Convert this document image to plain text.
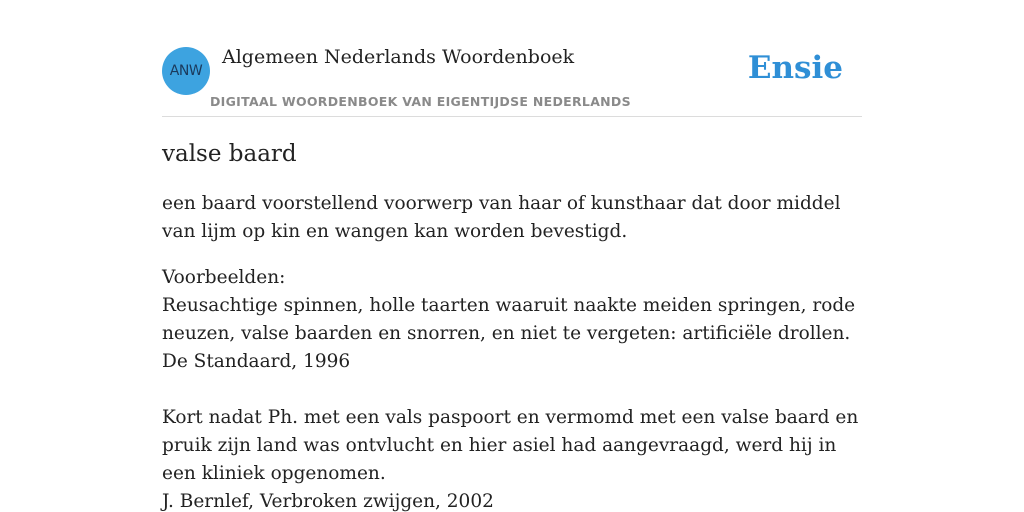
ANW
Algemeen Nederlands Woordenboek
DIGITAAL WOORDENBOEK VAN EIGENTIJDSE NEDERLANDS
Ensie
valse baard

een baard voorstellend voorwerp van haar of kunsthaar dat door middel van lijm op kin en wangen kan worden bevestigd.

Voorbeelden:

Reusachtige spinnen, holle taarten waaruit naakte meiden springen, rode neuzen, valse baarden en snorren, en niet te vergeten: artificiële drollen.

De Standaard, 1996

Kort nadat Ph. met een vals paspoort en vermomd met een valse baard en pruik zijn land was ontvlucht en hier asiel had aangevraagd, werd hij in een kliniek opgenomen.

J. Bernlef, Verbroken zwijgen, 2002
